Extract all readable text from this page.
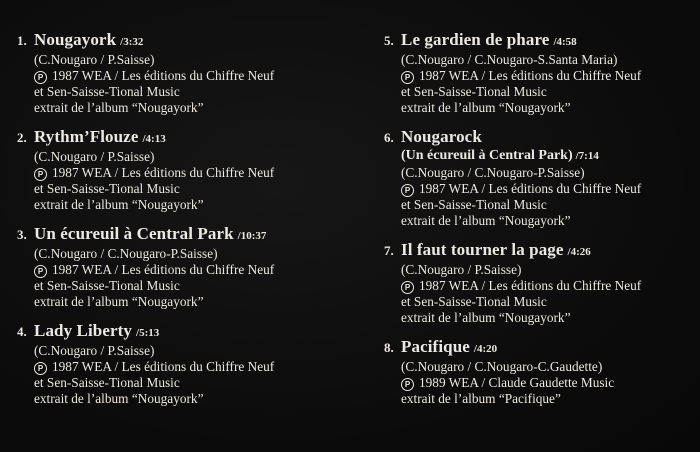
1. Nougayork /3:32
(C.Nougaro / P.Saisse)
P 1987 WEA / Les éditions du Chiffre Neuf
et Sen-Saisse-Tional Music
extrait de l’album “Nougayork”
2. Rythm’Flouze /4:13
(C.Nougaro / P.Saisse)
P 1987 WEA / Les éditions du Chiffre Neuf
et Sen-Saisse-Tional Music
extrait de l’album “Nougayork”
3. Un écureuil à Central Park /10:37
(C.Nougaro / C.Nougaro-P.Saisse)
P 1987 WEA / Les éditions du Chiffre Neuf
et Sen-Saisse-Tional Music
extrait de l’album “Nougayork”
4. Lady Liberty /5:13
(C.Nougaro / P.Saisse)
P 1987 WEA / Les éditions du Chiffre Neuf
et Sen-Saisse-Tional Music
extrait de l’album “Nougayork”
5. Le gardien de phare /4:58
(C.Nougaro / C.Nougaro-S.Santa Maria)
P 1987 WEA / Les éditions du Chiffre Neuf
et Sen-Saisse-Tional Music
extrait de l’album “Nougayork”
6. Nougarock
(Un écureuil à Central Park) /7:14
(C.Nougaro / C.Nougaro-P.Saisse)
P 1987 WEA / Les éditions du Chiffre Neuf
et Sen-Saisse-Tional Music
extrait de l’album “Nougayork”
7. Il faut tourner la page /4:26
(C.Nougaro / P.Saisse)
P 1987 WEA / Les éditions du Chiffre Neuf
et Sen-Saisse-Tional Music
extrait de l’album “Nougayork”
8. Pacifique /4:20
(C.Nougaro / C.Nougaro-C.Gaudette)
P 1989 WEA / Claude Gaudette Music
extrait de l’album “Pacifique”
